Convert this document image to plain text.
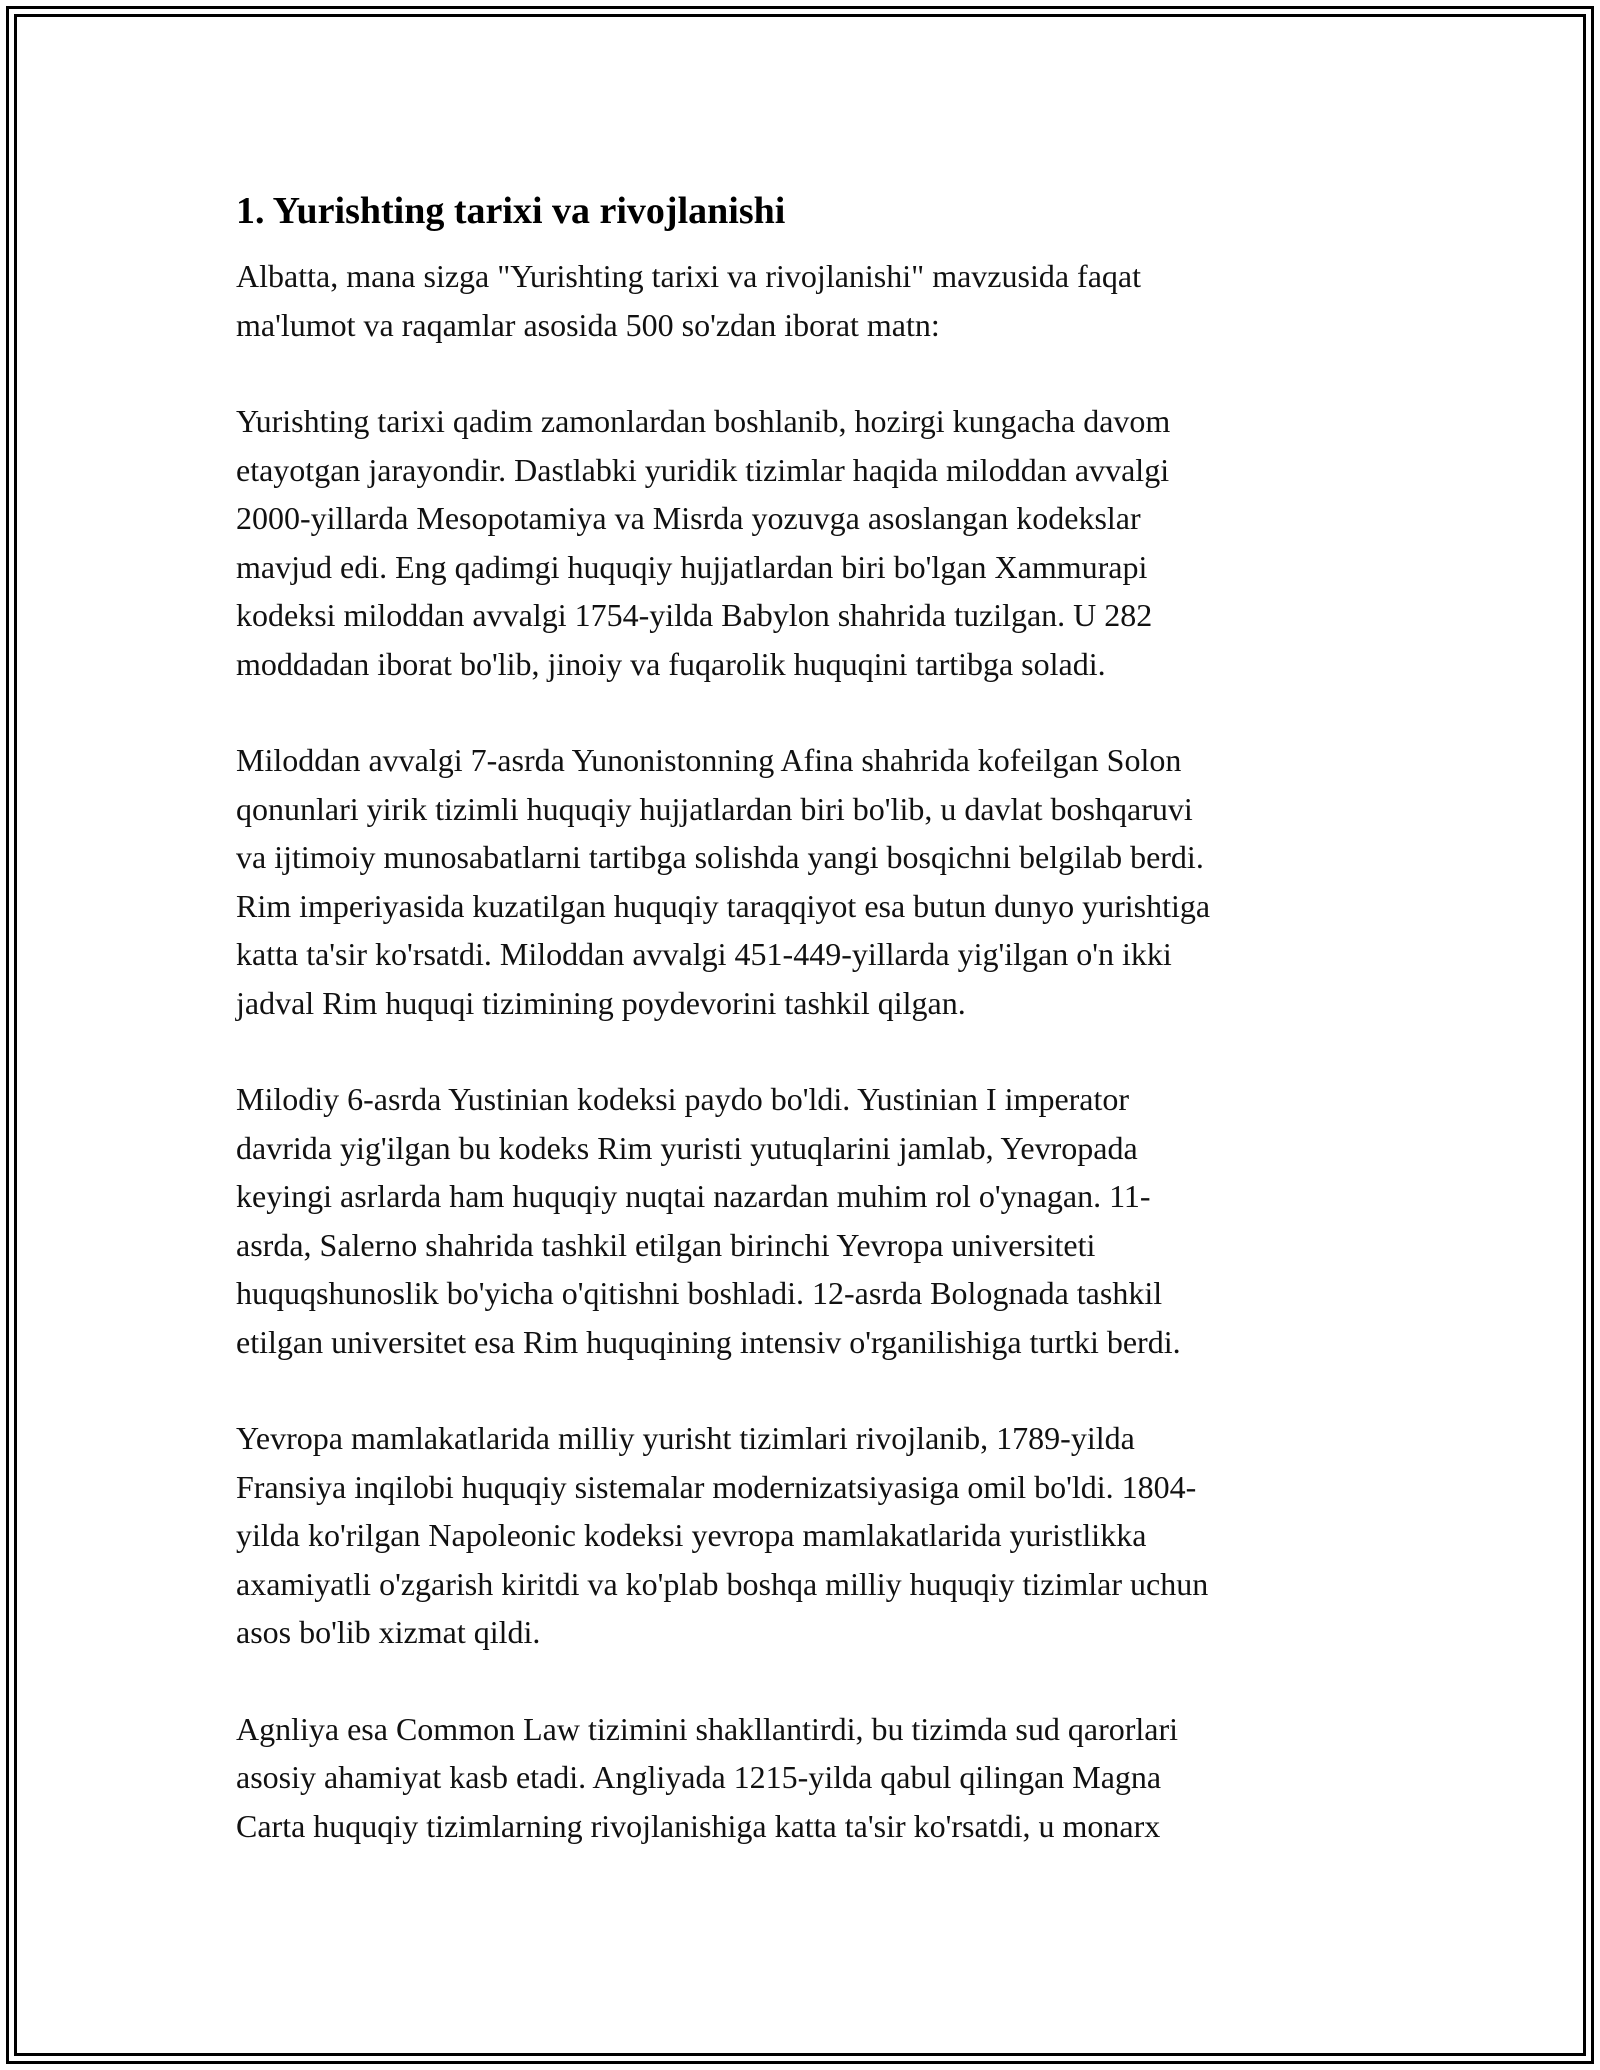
1. Yurishting tarixi va rivojlanishi

Albatta, mana sizga "Yurishting tarixi va rivojlanishi" mavzusida faqat
ma'lumot va raqamlar asosida 500 so'zdan iborat matn:

Yurishting tarixi qadim zamonlardan boshlanib, hozirgi kungacha davom
etayotgan jarayondir. Dastlabki yuridik tizimlar haqida miloddan avvalgi
2000-yillarda Mesopotamiya va Misrda yozuvga asoslangan kodekslar
mavjud edi. Eng qadimgi huquqiy hujjatlardan biri bo'lgan Xammurapi
kodeksi miloddan avvalgi 1754-yilda Babylon shahrida tuzilgan. U 282
moddadan iborat bo'lib, jinoiy va fuqarolik huquqini tartibga soladi.

Miloddan avvalgi 7-asrda Yunonistonning Afina shahrida kofeilgan Solon
qonunlari yirik tizimli huquqiy hujjatlardan biri bo'lib, u davlat boshqaruvi
va ijtimoiy munosabatlarni tartibga solishda yangi bosqichni belgilab berdi.
Rim imperiyasida kuzatilgan huquqiy taraqqiyot esa butun dunyo yurishtiga
katta ta'sir ko'rsatdi. Miloddan avvalgi 451-449-yillarda yig'ilgan o'n ikki
jadval Rim huquqi tizimining poydevorini tashkil qilgan.

Milodiy 6-asrda Yustinian kodeksi paydo bo'ldi. Yustinian I imperator
davrida yig'ilgan bu kodeks Rim yuristi yutuqlarini jamlab, Yevropada
keyingi asrlarda ham huquqiy nuqtai nazardan muhim rol o'ynagan. 11-
asrda, Salerno shahrida tashkil etilgan birinchi Yevropa universiteti
huquqshunoslik bo'yicha o'qitishni boshladi. 12-asrda Bolognada tashkil
etilgan universitet esa Rim huquqining intensiv o'rganilishiga turtki berdi.

Yevropa mamlakatlarida milliy yurisht tizimlari rivojlanib, 1789-yilda
Fransiya inqilobi huquqiy sistemalar modernizatsiyasiga omil bo'ldi. 1804-
yilda ko'rilgan Napoleonic kodeksi yevropa mamlakatlarida yuristlikka
axamiyatli o'zgarish kiritdi va ko'plab boshqa milliy huquqiy tizimlar uchun
asos bo'lib xizmat qildi.

Agnliya esa Common Law tizimini shakllantirdi, bu tizimda sud qarorlari
asosiy ahamiyat kasb etadi. Angliyada 1215-yilda qabul qilingan Magna
Carta huquqiy tizimlarning rivojlanishiga katta ta'sir ko'rsatdi, u monarx
